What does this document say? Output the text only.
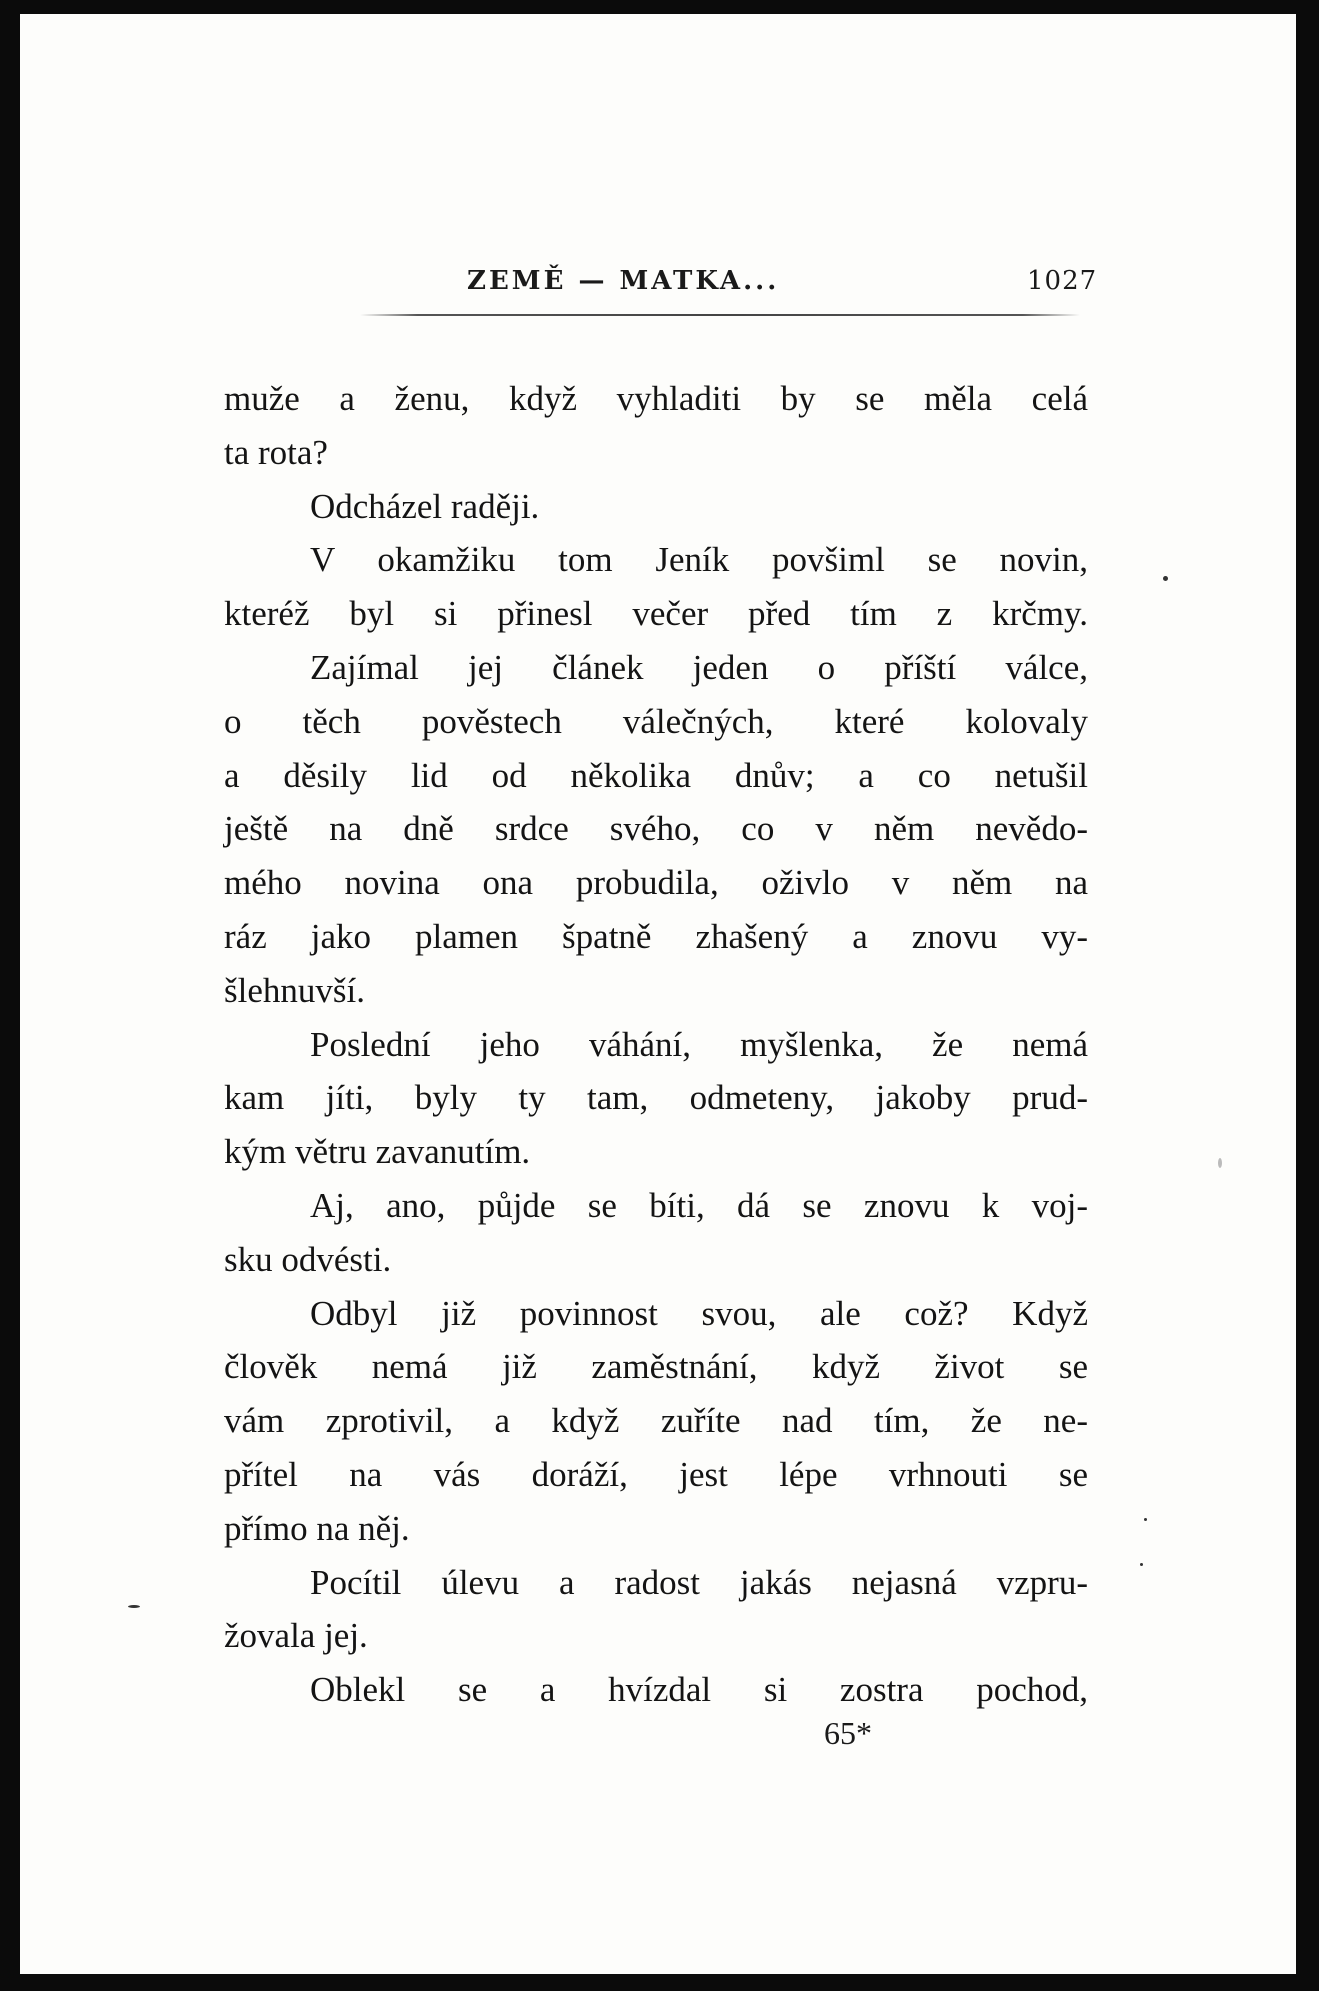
ZEMĚ — MATKA...	1027
muže a ženu, když vyhladiti by se měla celá
ta rota?
Odcházel raději.
V okamžiku tom Jeník povšiml se novin,
kteréž byl si přinesl večer před tím z krčmy.
Zajímal jej článek jeden o příští válce,
o těch pověstech válečných, které kolovaly
a děsily lid od několika dnův; a co netušil
ještě na dně srdce svého, co v něm nevědo-
mého novina ona probudila, oživlo v něm na
ráz jako plamen špatně zhašený a znovu vy-
šlehnuvší.
Poslední jeho váhání, myšlenka, že nemá
kam jíti, byly ty tam, odmeteny, jakoby prud-
kým větru zavanutím.
Aj, ano, půjde se bíti, dá se znovu k voj-
sku odvésti.
Odbyl již povinnost svou, ale což? Když
člověk nemá již zaměstnání, když život se
vám zprotivil, a když zuříte nad tím, že ne-
přítel na vás doráží, jest lépe vrhnouti se
přímo na něj.
Pocítil úlevu a radost jakás nejasná vzpru-
žovala jej.
Oblekl se a hvízdal si zostra pochod,
65*
